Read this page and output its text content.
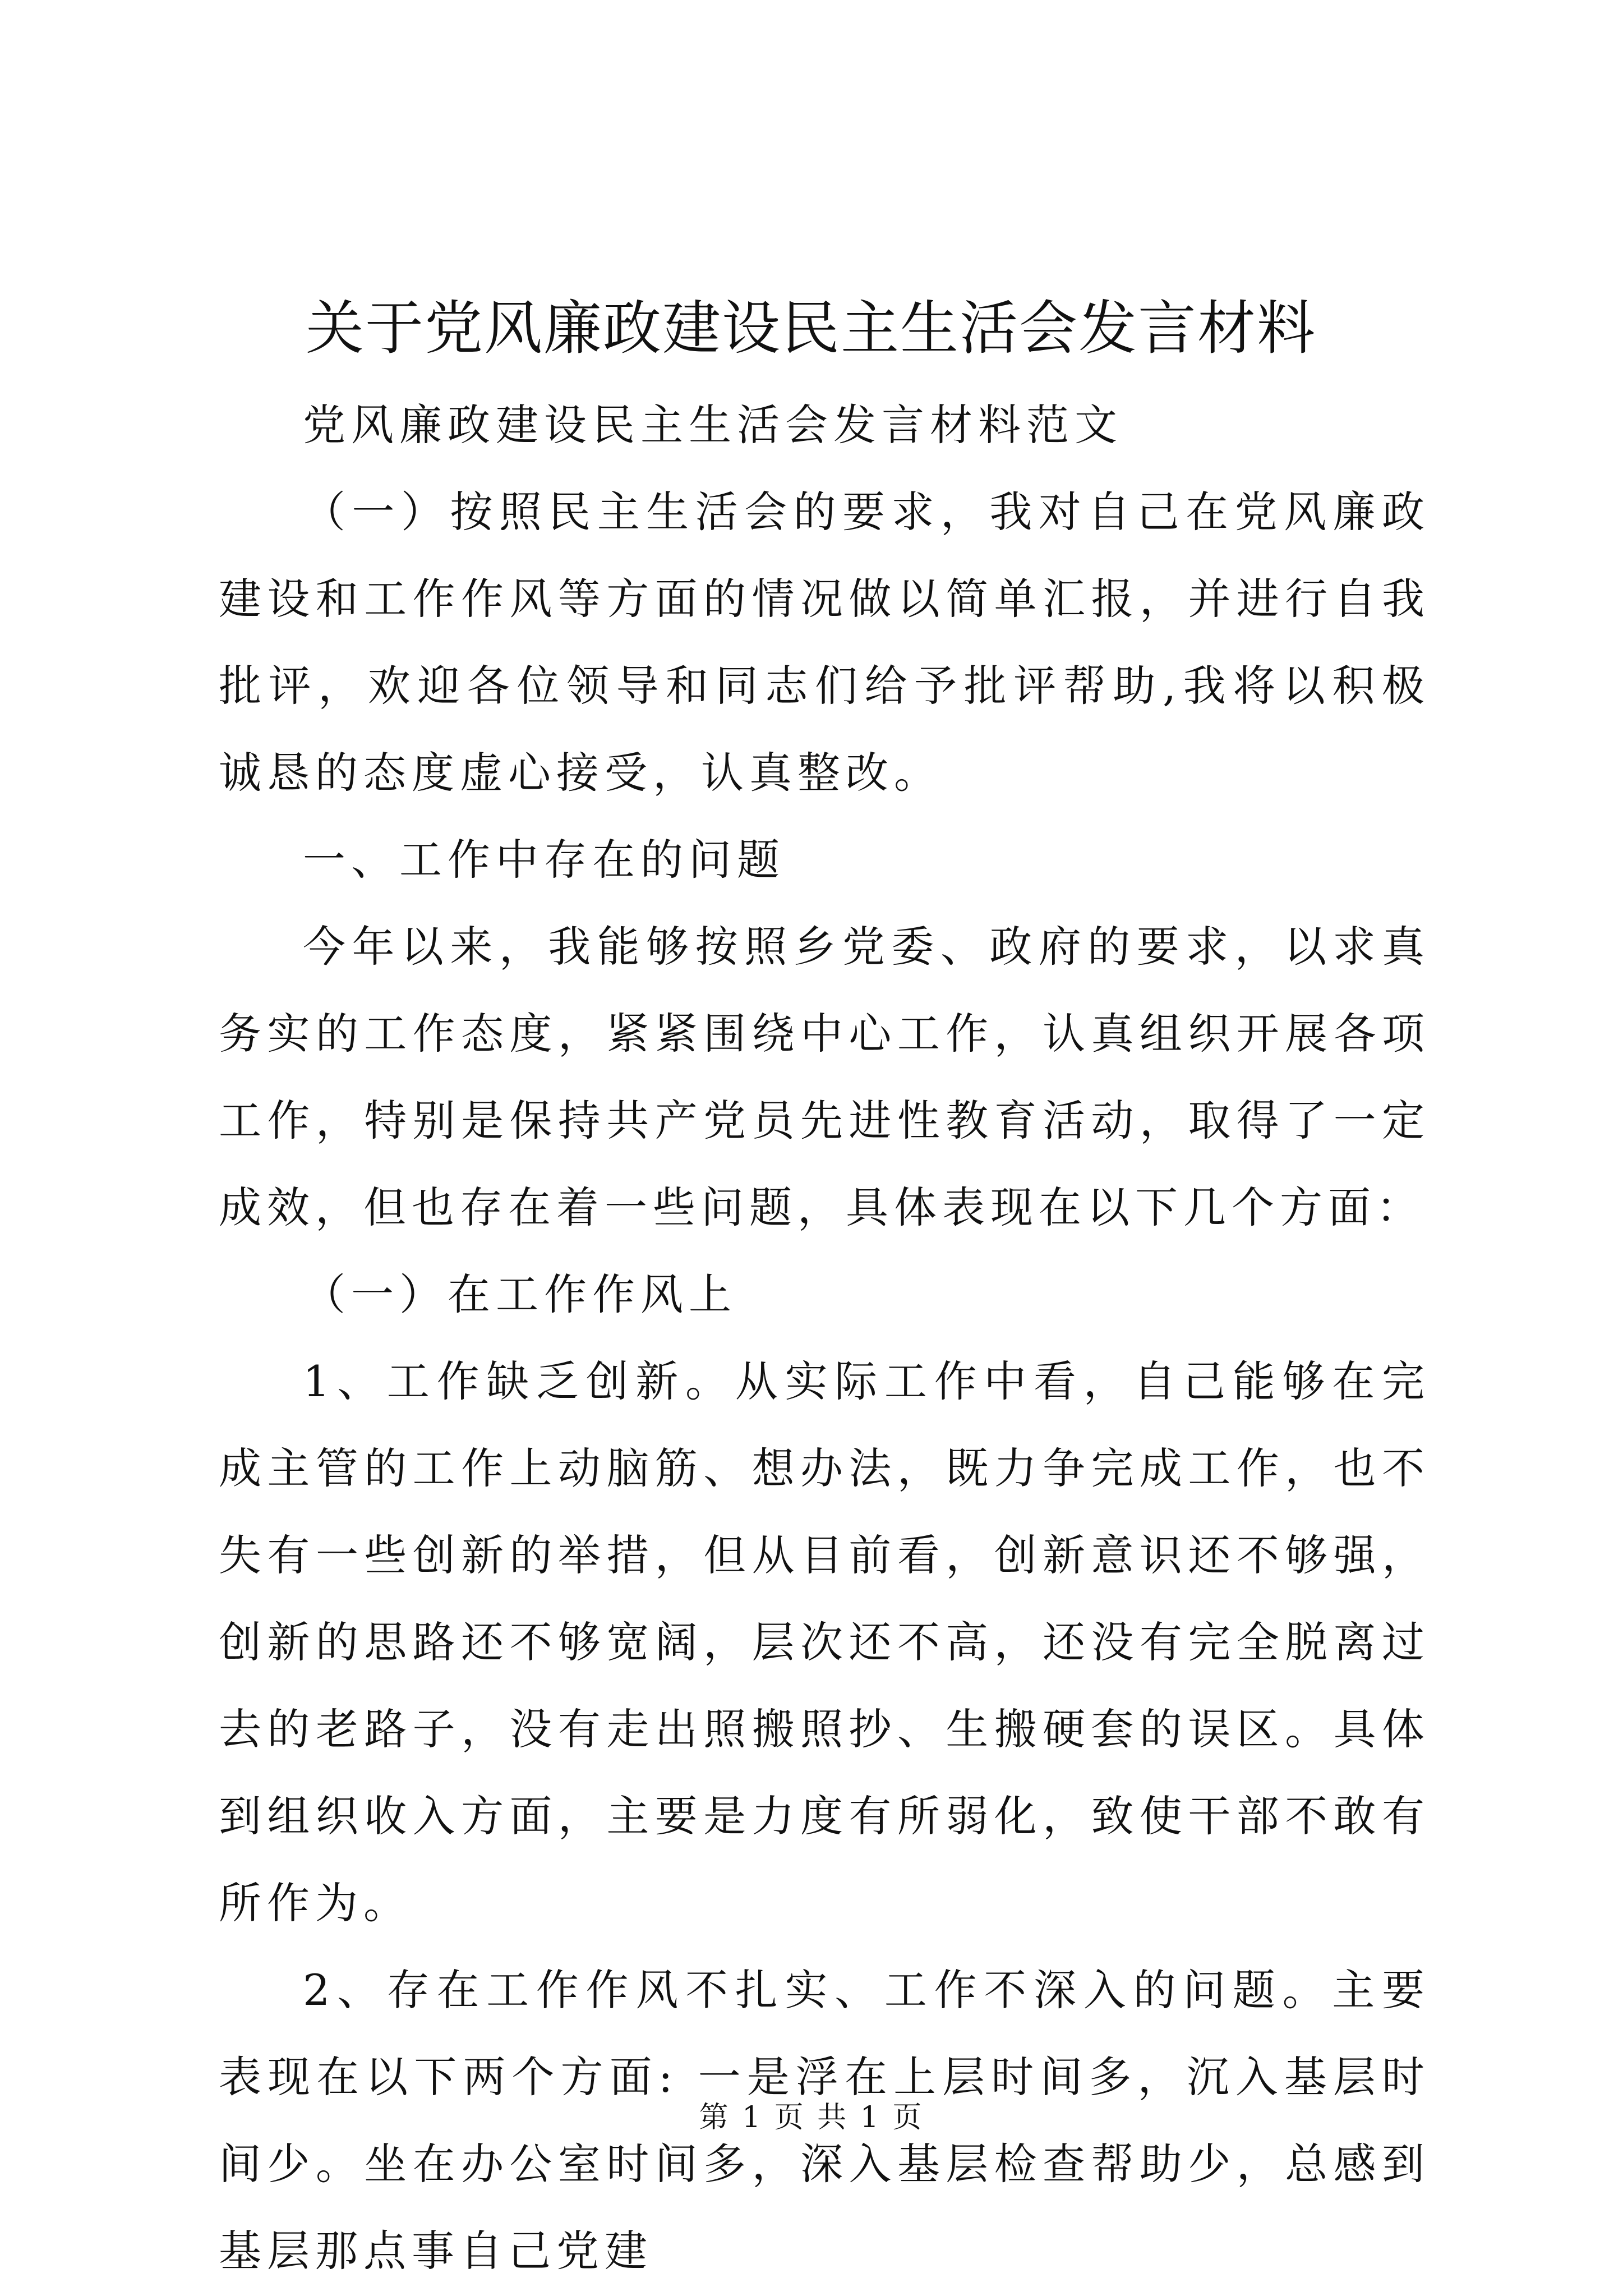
关于党风廉政建设民主生活会发言材料

党风廉政建设民主生活会发言材料范文

（一）按照民主生活会的要求，我对自己在党风廉政建设和工作作风等方面的情况做以简单汇报，并进行自我批评，欢迎各位领导和同志们给予批评帮助,我将以积极诚恳的态度虚心接受，认真整改。

一、工作中存在的问题

今年以来，我能够按照乡党委、政府的要求，以求真务实的工作态度，紧紧围绕中心工作，认真组织开展各项工作，特别是保持共产党员先进性教育活动，取得了一定成效，但也存在着一些问题，具体表现在以下几个方面：

（一）在工作作风上

1、工作缺乏创新。从实际工作中看，自己能够在完成主管的工作上动脑筋、想办法，既力争完成工作，也不失有一些创新的举措，但从目前看，创新意识还不够强，创新的思路还不够宽阔，层次还不高，还没有完全脱离过去的老路子，没有走出照搬照抄、生搬硬套的误区。具体到组织收入方面，主要是力度有所弱化，致使干部不敢有所作为。

2、存在工作作风不扎实、工作不深入的问题。主要表现在以下两个方面: 一是浮在上层时间多，沉入基层时间少。坐在办公室时间多，深入基层检查帮助少，总感到基层那点事自己党建

第 1 页 共 1 页
